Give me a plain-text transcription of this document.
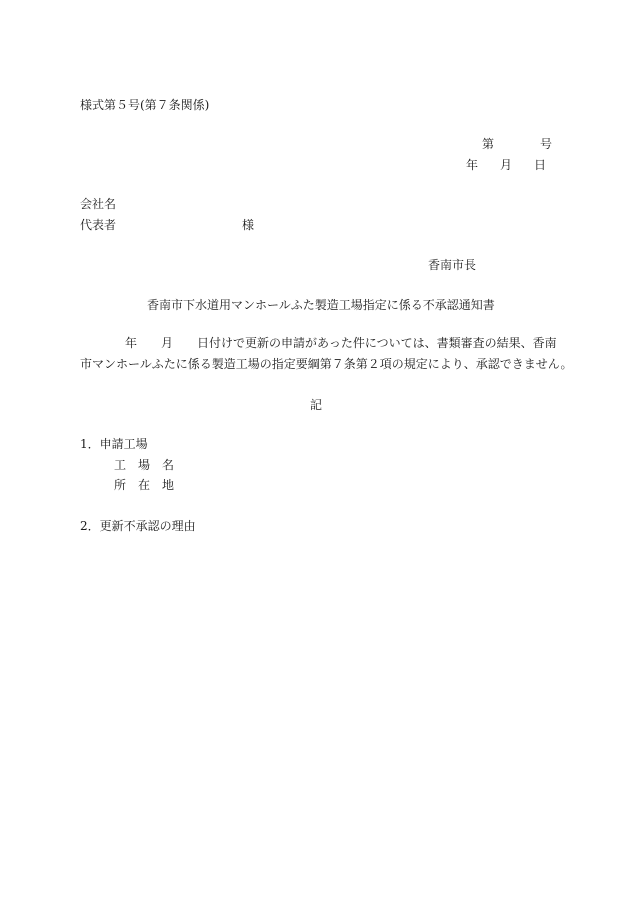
様式第５号(第７条関係)
第	号
年 月 日
会社名
代表者	様
香南市長
香南市下水道用マンホールふた製造工場指定に係る不承認通知書
年 月 日付けで更新の申請があった件については、書類審査の結果、香南
市マンホールふたに係る製造工場の指定要綱第７条第２項の規定により、承認できません。
記
1．申請工場
工 場 名
所 在 地
2．更新不承認の理由
